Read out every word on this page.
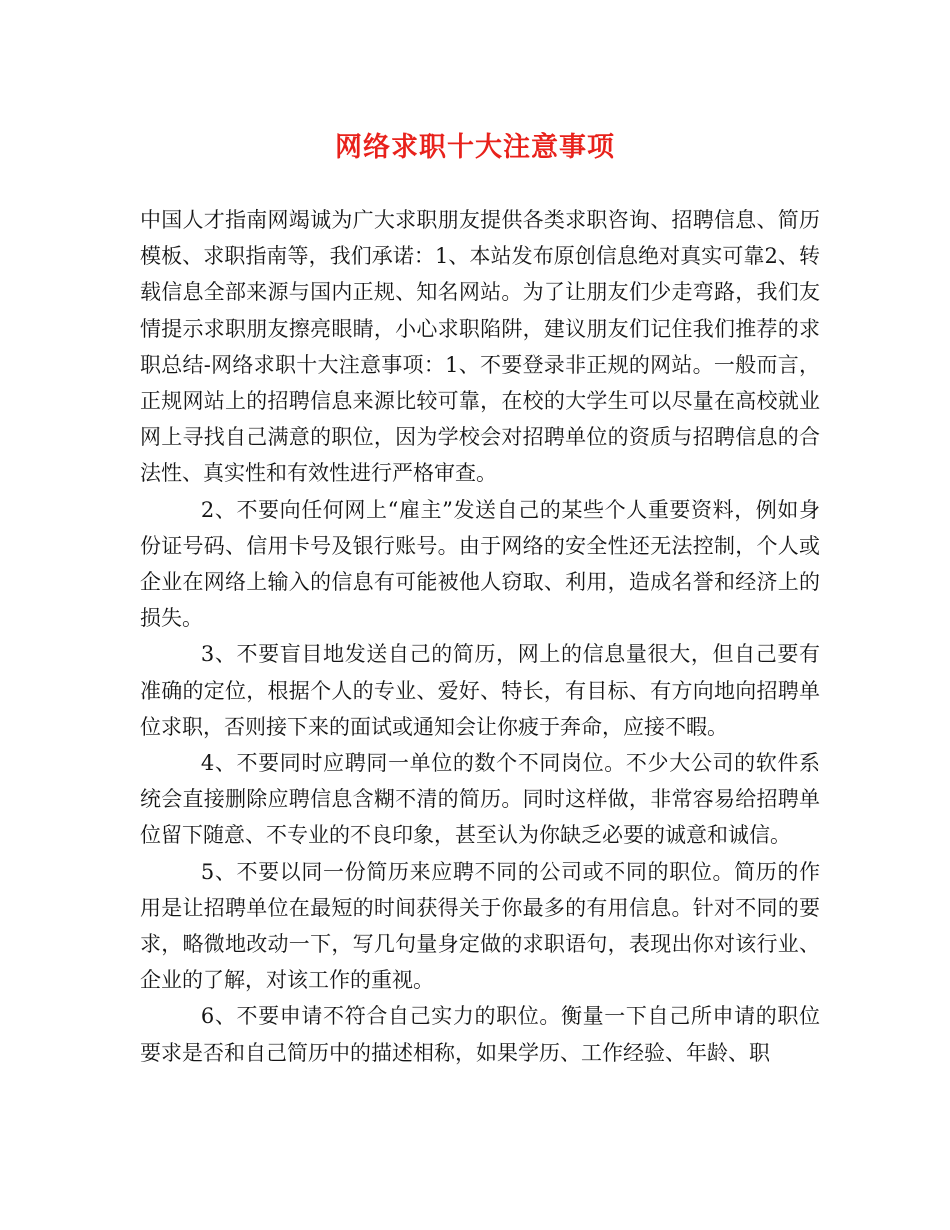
网络求职十大注意事项

中国人才指南网竭诚为广大求职朋友提供各类求职咨询、招聘信息、简历模板、求职指南等，我们承诺：1、本站发布原创信息绝对真实可靠2、转载信息全部来源与国内正规、知名网站。为了让朋友们少走弯路，我们友情提示求职朋友擦亮眼睛，小心求职陷阱，建议朋友们记住我们推荐的求职总结-网络求职十大注意事项：1、不要登录非正规的网站。一般而言，正规网站上的招聘信息来源比较可靠，在校的大学生可以尽量在高校就业网上寻找自己满意的职位，因为学校会对招聘单位的资质与招聘信息的合法性、真实性和有效性进行严格审查。

2、不要向任何网上“雇主”发送自己的某些个人重要资料，例如身份证号码、信用卡号及银行账号。由于网络的安全性还无法控制，个人或企业在网络上输入的信息有可能被他人窃取、利用，造成名誉和经济上的损失。

3、不要盲目地发送自己的简历，网上的信息量很大，但自己要有准确的定位，根据个人的专业、爱好、特长，有目标、有方向地向招聘单位求职，否则接下来的面试或通知会让你疲于奔命，应接不暇。

4、不要同时应聘同一单位的数个不同岗位。不少大公司的软件系统会直接删除应聘信息含糊不清的简历。同时这样做，非常容易给招聘单位留下随意、不专业的不良印象，甚至认为你缺乏必要的诚意和诚信。

5、不要以同一份简历来应聘不同的公司或不同的职位。简历的作用是让招聘单位在最短的时间获得关于你最多的有用信息。针对不同的要求，略微地改动一下，写几句量身定做的求职语句，表现出你对该行业、企业的了解，对该工作的重视。

6、不要申请不符合自己实力的职位。衡量一下自己所申请的职位要求是否和自己简历中的描述相称，如果学历、工作经验、年龄、职
